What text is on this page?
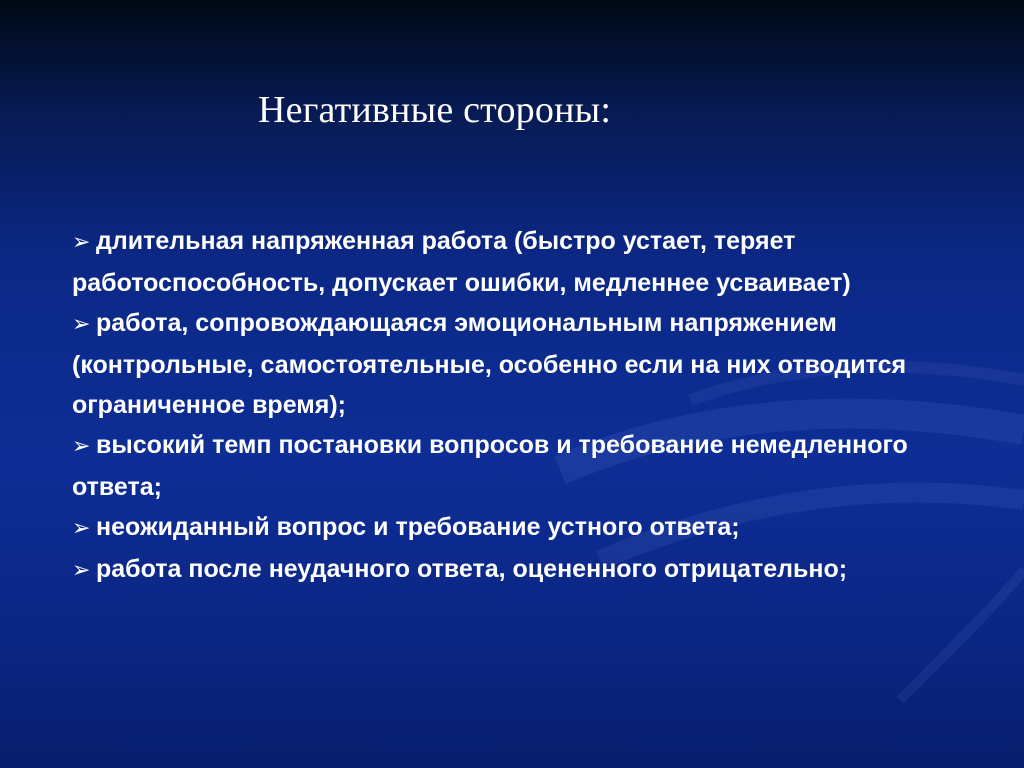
Негативные стороны:
➢ длительная напряженная работа (быстро устает, теряет работоспособность, допускает ошибки, медленнее усваивает)
➢ работа, сопровождающаяся эмоциональным напряжением (контрольные, самостоятельные, особенно если на них отводится ограниченное время);
➢ высокий темп постановки вопросов и требование немедленного ответа;
➢ неожиданный вопрос и требование устного ответа;
➢ работа после неудачного ответа, оцененного отрицательно;
